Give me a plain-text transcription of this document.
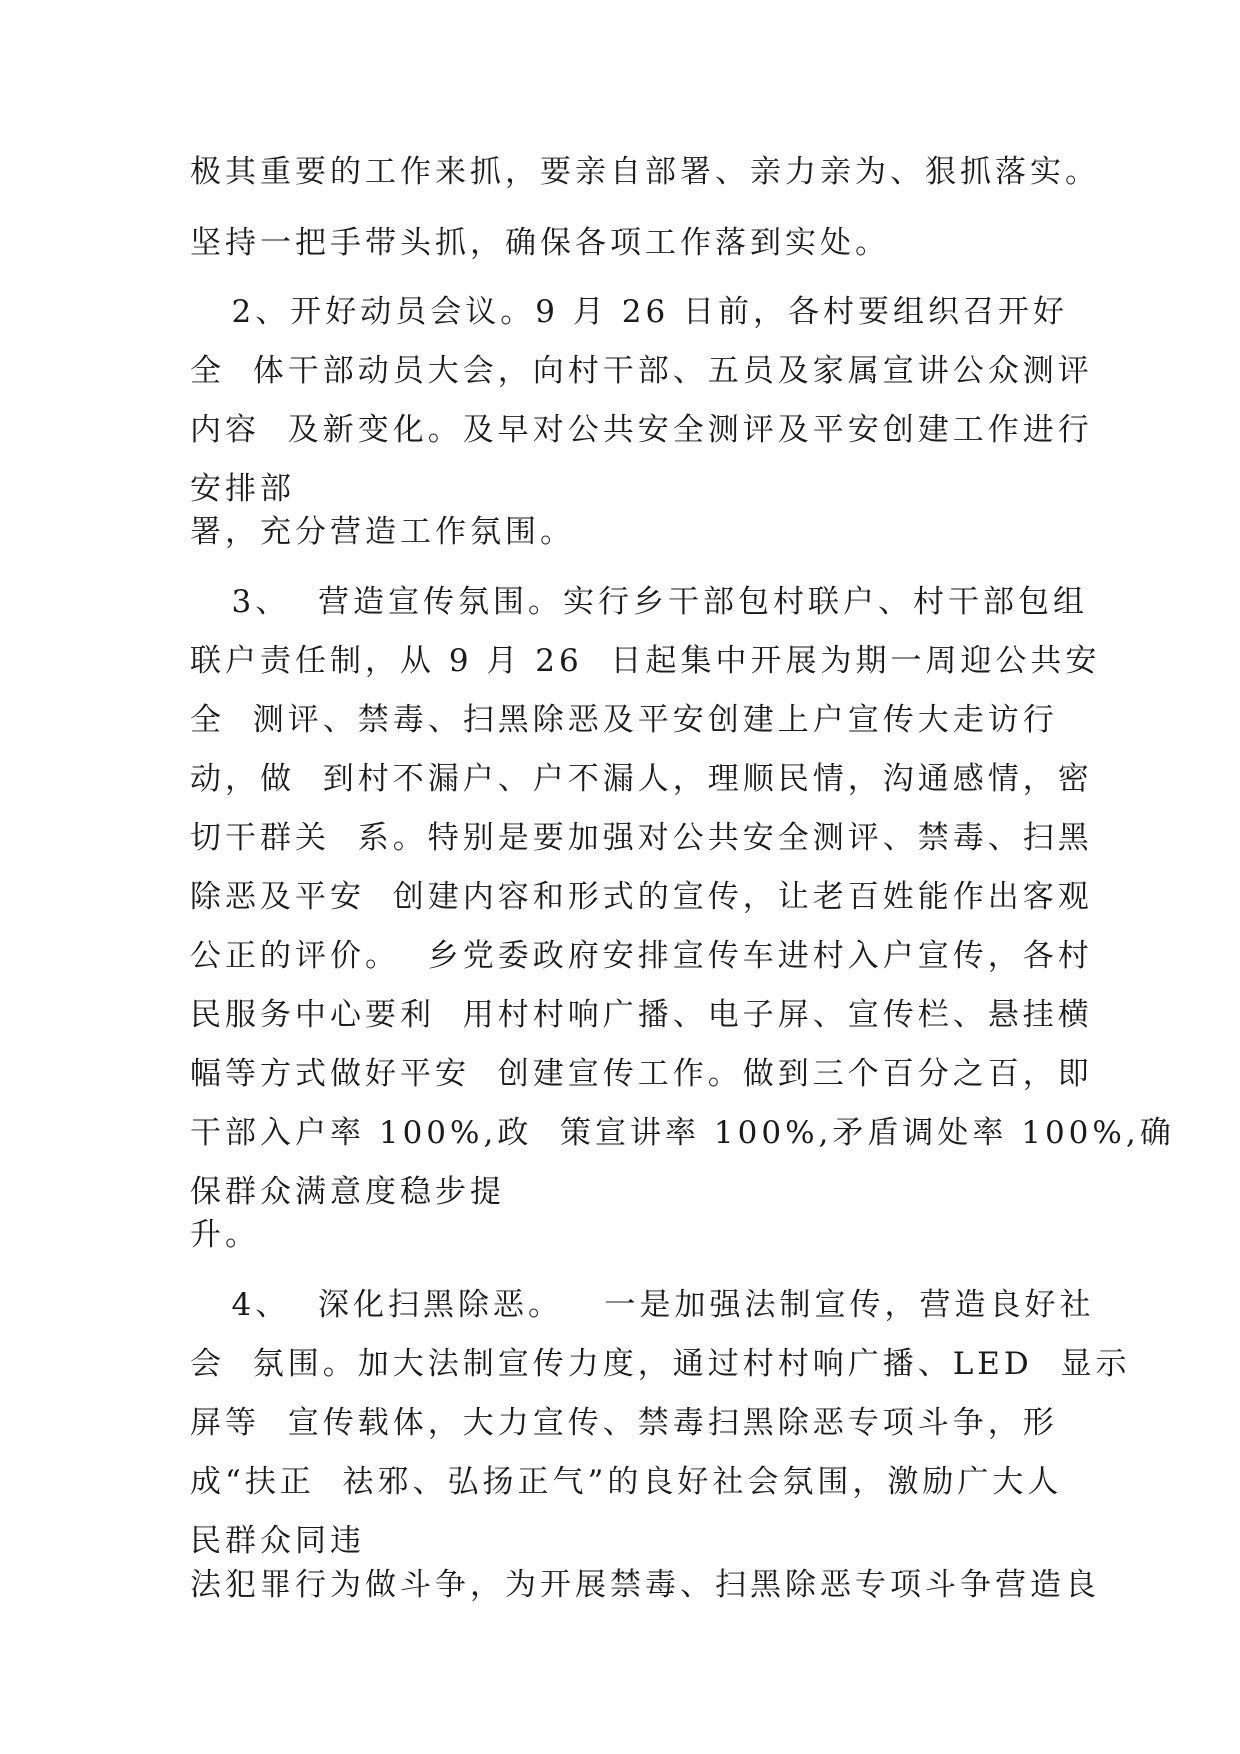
极其重要的工作来抓，要亲自部署、亲力亲为、狠抓落实。
坚持一把手带头抓，确保各项工作落到实处。
2、开好动员会议。9 月 26 日前，各村要组织召开好
全  体干部动员大会，向村干部、五员及家属宣讲公众测评
内容  及新变化。及早对公共安全测评及平安创建工作进行
安排部
署，充分营造工作氛围。
3、  营造宣传氛围。实行乡干部包村联户、村干部包组
联户责任制，从 9 月 26  日起集中开展为期一周迎公共安
全  测评、禁毒、扫黑除恶及平安创建上户宣传大走访行
动，做  到村不漏户、户不漏人，理顺民情，沟通感情，密
切干群关  系。特别是要加强对公共安全测评、禁毒、扫黑
除恶及平安  创建内容和形式的宣传，让老百姓能作出客观
公正的评价。  乡党委政府安排宣传车进村入户宣传，各村
民服务中心要利  用村村响广播、电子屏、宣传栏、悬挂横
幅等方式做好平安  创建宣传工作。做到三个百分之百，即
干部入户率 100%,政  策宣讲率 100%,矛盾调处率 100%,确
保群众满意度稳步提
升。
4、  深化扫黑除恶。   一是加强法制宣传，营造良好社
会  氛围。加大法制宣传力度，通过村村响广播、LED  显示
屏等  宣传载体，大力宣传、禁毒扫黑除恶专项斗争，形
成“扶正  祛邪、弘扬正气”的良好社会氛围，激励广大人
民群众同违
法犯罪行为做斗争，为开展禁毒、扫黑除恶专项斗争营造良
